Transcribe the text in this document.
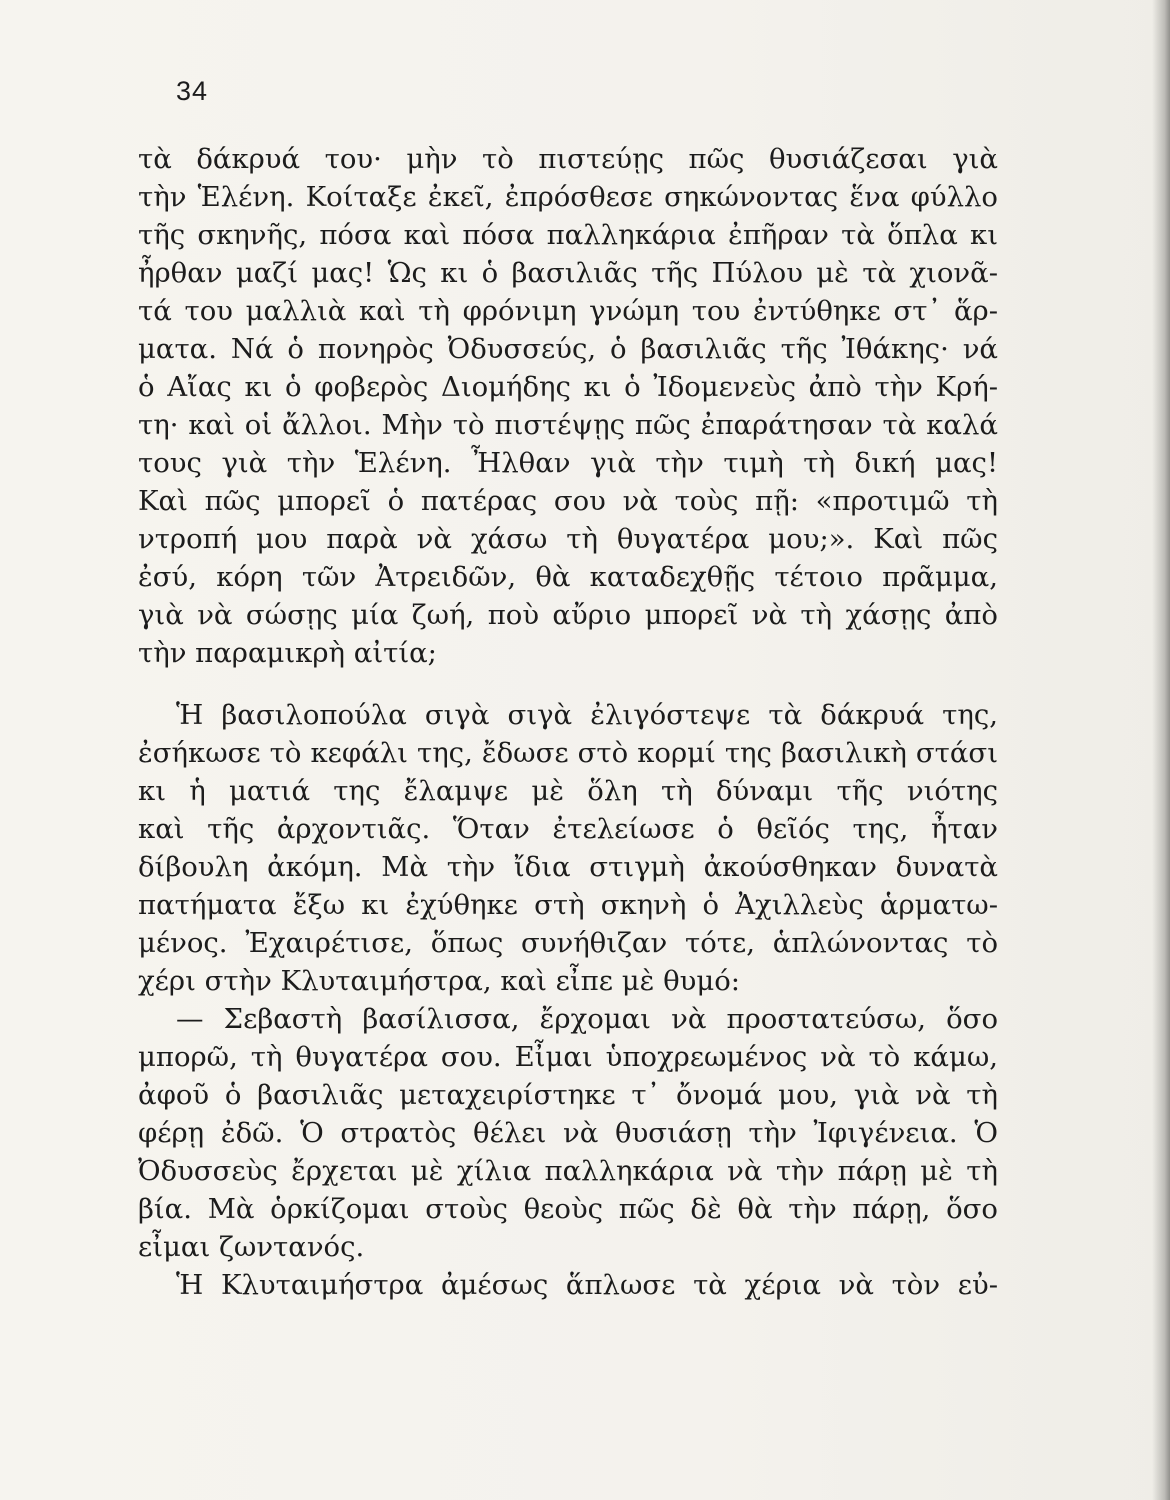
34
τὰ δάκρυά του· μὴν τὸ πιστεύῃς πῶς θυσιάζεσαι γιὰ
τὴν Ἑλένη. Κοίταξε ἐκεῖ, ἐπρόσθεσε σηκώνοντας ἕνα φύλλο
τῆς σκηνῆς, πόσα καὶ πόσα παλληκάρια ἐπῆραν τὰ ὅπλα κι
ἦρθαν μαζί μας! Ὡς κι ὁ βασιλιᾶς τῆς Πύλου μὲ τὰ χιονᾶ-
τά του μαλλιὰ καὶ τὴ φρόνιμη γνώμη του ἐντύθηκε στ᾽ ἅρ-
ματα. Νά ὁ πονηρὸς Ὀδυσσεύς, ὁ βασιλιᾶς τῆς Ἰθάκης· νά
ὁ Αἴας κι ὁ φοβερὸς Διομήδης κι ὁ Ἰδομενεὺς ἀπὸ τὴν Κρή-
τη· καὶ οἱ ἄλλοι. Μὴν τὸ πιστέψῃς πῶς ἐπαράτησαν τὰ καλά
τους γιὰ τὴν Ἑλένη. Ἦλθαν γιὰ τὴν τιμὴ τὴ δική μας!
Καὶ πῶς μπορεῖ ὁ πατέρας σου νὰ τοὺς πῇ: «προτιμῶ τὴ
ντροπή μου παρὰ νὰ χάσω τὴ θυγατέρα μου;». Καὶ πῶς
ἐσύ, κόρη τῶν Ἀτρειδῶν, θὰ καταδεχθῇς τέτοιο πρᾶμμα,
γιὰ νὰ σώσῃς μία ζωή, ποὺ αὔριο μπορεῖ νὰ τὴ χάσῃς ἀπὸ
τὴν παραμικρὴ αἰτία;
Ἡ βασιλοπούλα σιγὰ σιγὰ ἐλιγόστεψε τὰ δάκρυά της,
ἐσήκωσε τὸ κεφάλι της, ἔδωσε στὸ κορμί της βασιλικὴ στάσι
κι ἡ ματιά της ἔλαμψε μὲ ὅλη τὴ δύναμι τῆς νιότης
καὶ τῆς ἀρχοντιᾶς. Ὅταν ἐτελείωσε ὁ θεῖός της, ἦταν
δίβουλη ἀκόμη. Μὰ τὴν ἴδια στιγμὴ ἀκούσθηκαν δυνατὰ
πατήματα ἔξω κι ἐχύθηκε στὴ σκηνὴ ὁ Ἀχιλλεὺς ἁρματω-
μένος. Ἐχαιρέτισε, ὅπως συνήθιζαν τότε, ἁπλώνοντας τὸ
χέρι στὴν Κλυταιμήστρα, καὶ εἶπε μὲ θυμό:
— Σεβαστὴ βασίλισσα, ἔρχομαι νὰ προστατεύσω, ὅσο
μπορῶ, τὴ θυγατέρα σου. Εἶμαι ὑποχρεωμένος νὰ τὸ κάμω,
ἀφοῦ ὁ βασιλιᾶς μεταχειρίστηκε τ᾽ ὄνομά μου, γιὰ νὰ τὴ
φέρῃ ἐδῶ. Ὁ στρατὸς θέλει νὰ θυσιάσῃ τὴν Ἰφιγένεια. Ὁ
Ὀδυσσεὺς ἔρχεται μὲ χίλια παλληκάρια νὰ τὴν πάρῃ μὲ τὴ
βία. Μὰ ὁρκίζομαι στοὺς θεοὺς πῶς δὲ θὰ τὴν πάρῃ, ὅσο
εἶμαι ζωντανός.
Ἡ Κλυταιμήστρα ἀμέσως ἅπλωσε τὰ χέρια νὰ τὸν εὐ-
